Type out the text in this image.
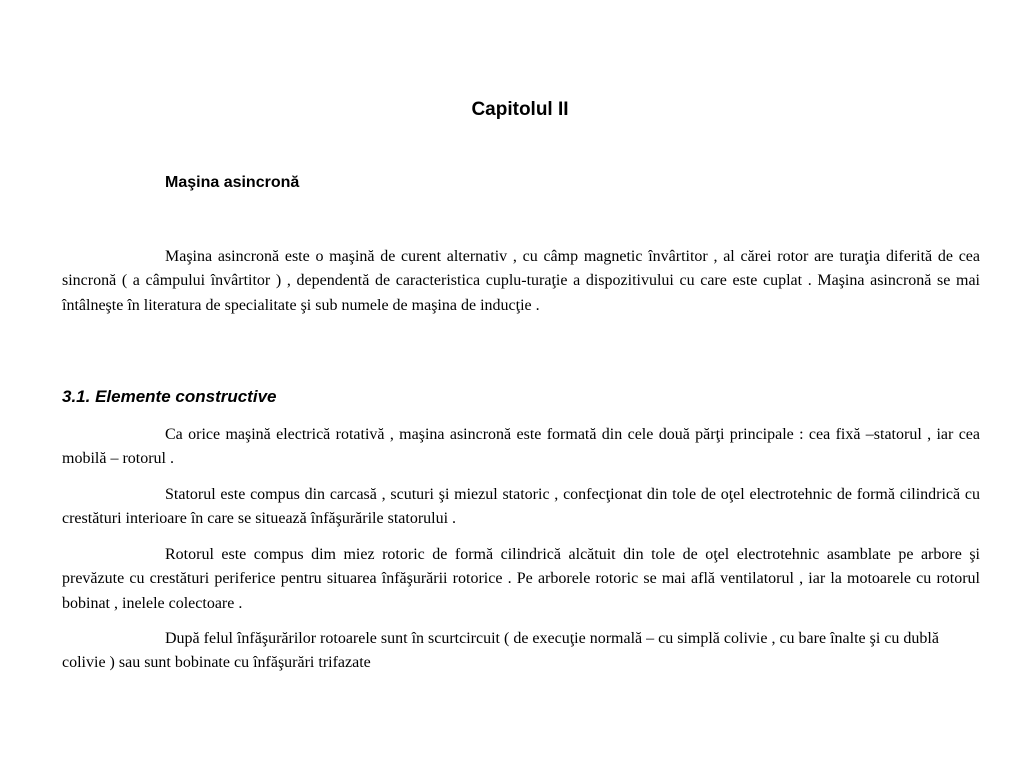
Capitolul II
Maşina asincronă

Maşina asincronă este o maşină de curent alternativ , cu câmp magnetic învârtitor , al cărei rotor are turaţia diferită de cea sincronă ( a câmpului învârtitor ) , dependentă de caracteristica cuplu-turaţie a dispozitivului cu care este cuplat . Maşina asincronă se mai întâlneşte în literatura de specialitate şi sub numele de maşina de inducţie .

3.1. Elemente constructive

Ca orice maşină electrică rotativă , maşina asincronă este formată din cele două părţi principale : cea fixă –statorul , iar cea mobilă – rotorul .

Statorul este compus din carcasă , scuturi şi miezul statoric , confecţionat din tole de oţel electrotehnic de formă cilindrică cu crestături interioare în care se situează înfăşurările statorului .

Rotorul este compus dim miez rotoric de formă cilindrică alcătuit din tole de oţel electrotehnic asamblate pe arbore şi prevăzute cu crestături periferice pentru situarea înfăşurării rotorice . Pe arborele rotoric se mai află ventilatorul , iar la motoarele cu rotorul bobinat , inelele colectoare .

După felul înfăşurărilor rotoarele sunt în scurtcircuit ( de execuţie normală – cu simplă colivie , cu bare înalte şi cu dublă colivie ) sau sunt bobinate cu înfăşurări trifazate
